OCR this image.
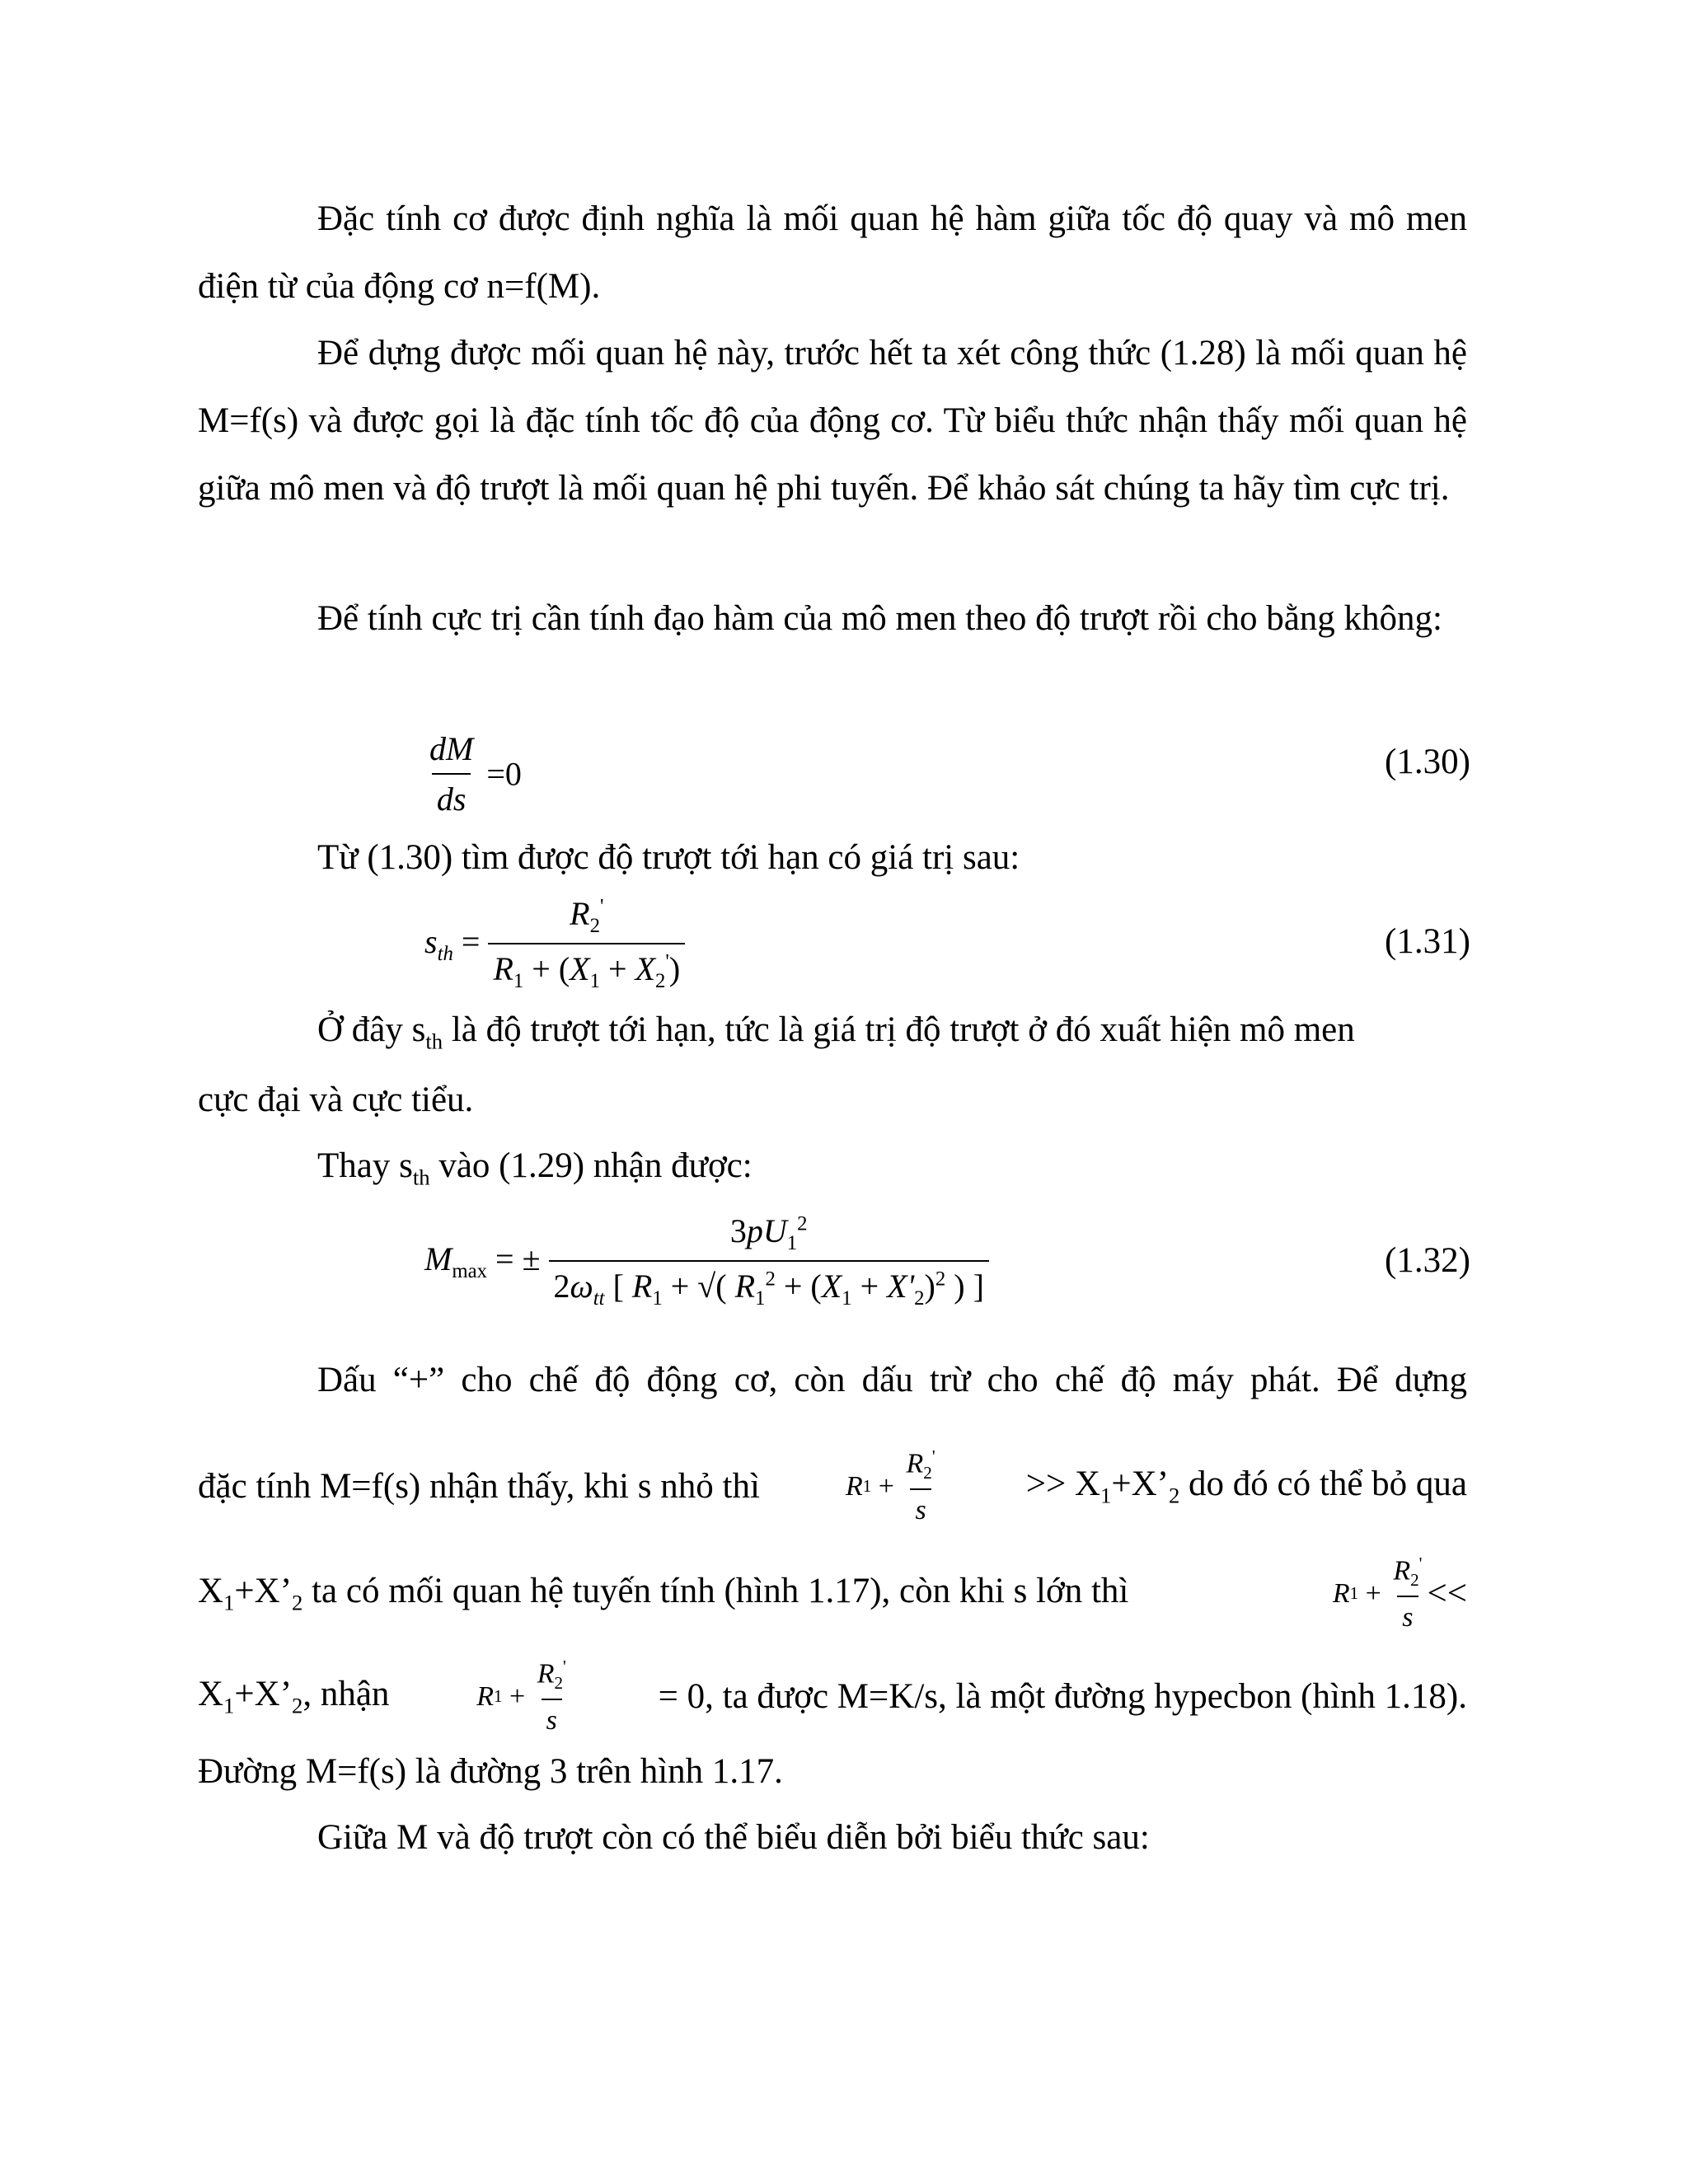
Đặc tính cơ được định nghĩa là mối quan hệ hàm giữa tốc độ quay và mô men điện từ của động cơ n=f(M).

Để dựng được mối quan hệ này, trước hết ta xét công thức (1.28) là mối quan hệ M=f(s) và được gọi là đặc tính tốc độ của động cơ. Từ biểu thức nhận thấy mối quan hệ giữa mô men và độ trượt là mối quan hệ phi tuyến. Để khảo sát chúng ta hãy tìm cực trị.

Để tính cực trị cần tính đạo hàm của mô men theo độ trượt rồi cho bằng không:

$\frac{dM}{ds} =0$	(1.30)

Từ (1.30) tìm được độ trượt tới hạn có giá trị sau:

$s_{th} = \frac{R_2'}{R_1 + (X_1 + X_2')}$	(1.31)
Ở đây $s_{th}$ là độ trượt tới hạn, tức là giá trị độ trượt ở đó xuất hiện mô men
cực đại và cực tiểu.
Thay $s_{th}$ vào (1.29) nhận được:
$M_{max}$ = ± $\frac{3pU_1^2}{2\omega_{tt} [ R_1 + √( R_1^2 + (X_1 + X'_2)^2 ) ]}$	(1.32)
Dấu “+” cho chế độ động cơ, còn dấu trừ cho chế độ máy phát. Để dựng
đặc tính M=f(s) nhận thấy, khi s nhỏ thì	R $1 + \frac{R_2'}{s}$ >> $X_1+X’_2$ do đó có thể bỏ qua
$X_1+X’_2$ ta có mối quan hệ tuyến tính (hình 1.17), còn khi s lớn thì	R $1 + \frac{R_2'}{s}$ <<
$X_1+X’_2$, nhận	R $1 + \frac{R_2'}{s} = 0$, ta được M=K/s, là một đường hypecbon (hình 1.18).
Đường M=f(s) là đường 3 trên hình 1.17.
Giữa M và độ trượt còn có thể biểu diễn bởi biểu thức sau:
